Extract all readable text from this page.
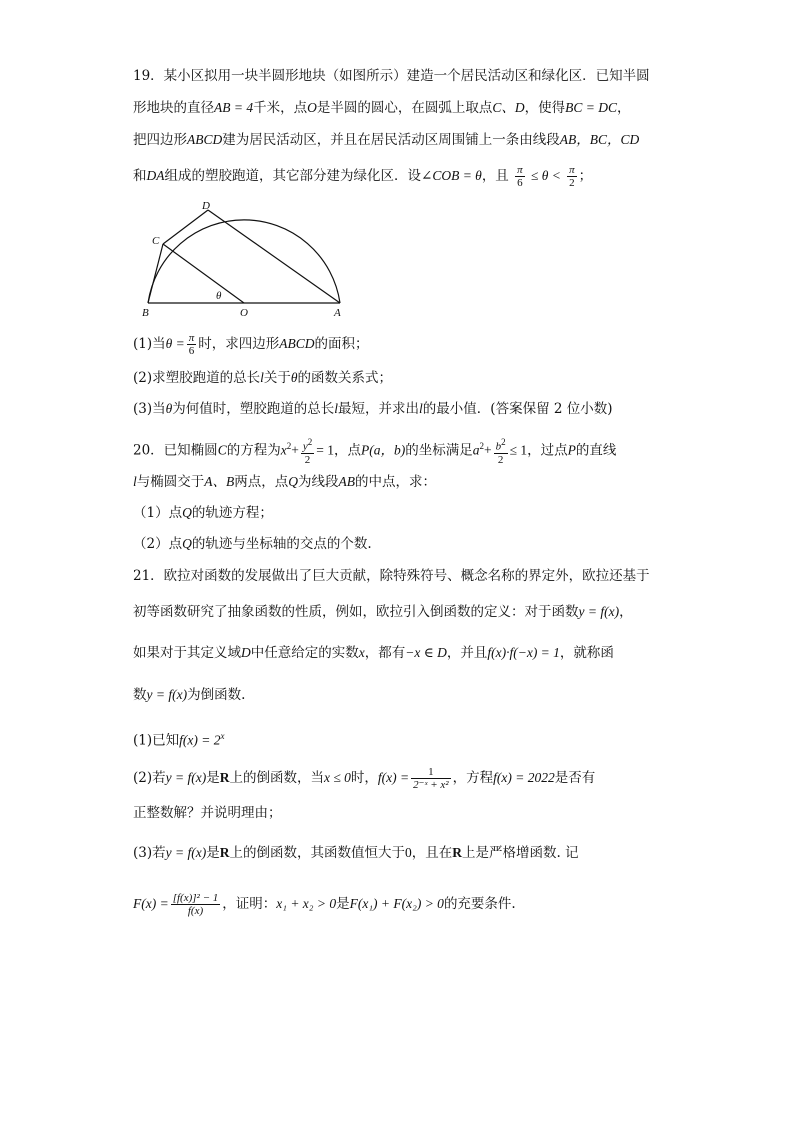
19．某小区拟用一块半圆形地块（如图所示）建造一个居民活动区和绿化区．已知半圆
形地块的直径AB = 4千米，点O是半圆的圆心，在圆弧上取点C、D，使得BC = DC，
把四边形ABCD建为居民活动区，并且在居民活动区周围铺上一条由线段AB，BC，CD
和DA组成的塑胶跑道，其它部分建为绿化区．设∠COB = θ，且 $\frac{\pi}{6} \le \theta < \frac{\pi}{2}$ ；
D
C
B	O	A
θ
(1)当$\theta = \frac{\pi}{6}$ 时，求四边形ABCD的面积；
(2)求塑胶跑道的总长l关于θ的函数关系式；
(3)当θ为何值时，塑胶跑道的总长l最短，并求出l的最小值．(答案保留 2 位小数)
20．已知椭圆C的方程为$x^2+ \frac{y^2}{2} = 1$，点P(a，b)的坐标满足$a^2+ \frac{b^2}{2} \le 1$，过点P的直线
l与椭圆交于A、B两点，点Q为线段AB的中点，求：
（1）点Q的轨迹方程；
（2）点Q的轨迹与坐标轴的交点的个数.
21．欧拉对函数的发展做出了巨大贡献，除特殊符号、概念名称的界定外，欧拉还基于
初等函数研究了抽象函数的性质，例如，欧拉引入倒函数的定义：对于函数y = f(x)，
如果对于其定义域D中任意给定的实数x，都有−x ∈ D，并且f(x)·f(−x) = 1，就称函
数y = f(x)为倒函数.
(1)已知$f(x) = 2^x$
(2)若y = f(x)是R上的倒函数，当x ≤ 0时，$f(x) = \frac{1}{\text{2⁻ˣ + x²}}$ ，方程f(x) = 2022是否有
正整数解？并说明理由；
(3)若y = f(x)是R上的倒函数，其函数值恒大于0，且在R上是严格增函数. 记
$F(x) = \frac{\text{[f(x)]² − 1}}{f(x)}$ ，证明：x₁ + x₂ > 0是F(x₁) + F(x₂) > 0的充要条件.
